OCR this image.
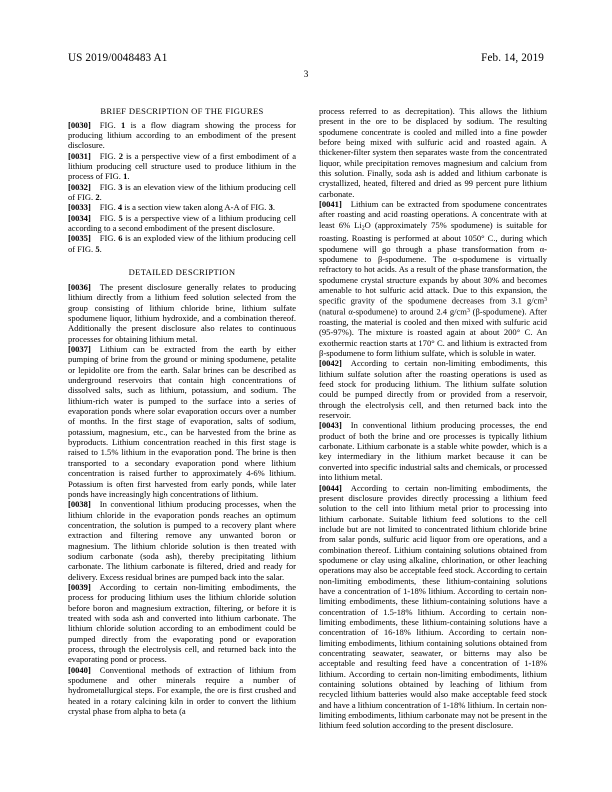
US 2019/0048483 A1	Feb. 14, 2019
3
BRIEF DESCRIPTION OF THE FIGURES

[0030] FIG. 1 is a flow diagram showing the process for producing lithium according to an embodiment of the present disclosure.

[0031] FIG. 2 is a perspective view of a first embodiment of a lithium producing cell structure used to produce lithium in the process of FIG. 1.

[0032] FIG. 3 is an elevation view of the lithium producing cell of FIG. 2.

[0033] FIG. 4 is a section view taken along A-A of FIG. 3.

[0034] FIG. 5 is a perspective view of a lithium producing cell according to a second embodiment of the present disclosure.

[0035] FIG. 6 is an exploded view of the lithium producing cell of FIG. 5.

DETAILED DESCRIPTION

[0036] The present disclosure generally relates to producing lithium directly from a lithium feed solution selected from the group consisting of lithium chloride brine, lithium sulfate spodumene liquor, lithium hydroxide, and a combination thereof. Additionally the present disclosure also relates to continuous processes for obtaining lithium metal.

[0037] Lithium can be extracted from the earth by either pumping of brine from the ground or mining spodumene, petalite or lepidolite ore from the earth. Salar brines can be described as underground reservoirs that contain high concentrations of dissolved salts, such as lithium, potassium, and sodium. The lithium-rich water is pumped to the surface into a series of evaporation ponds where solar evaporation occurs over a number of months. In the first stage of evaporation, salts of sodium, potassium, magnesium, etc., can be harvested from the brine as byproducts. Lithium concentration reached in this first stage is raised to 1.5% lithium in the evaporation pond. The brine is then transported to a secondary evaporation pond where lithium concentration is raised further to approximately 4-6% lithium. Potassium is often first harvested from early ponds, while later ponds have increasingly high concentrations of lithium.

[0038] In conventional lithium producing processes, when the lithium chloride in the evaporation ponds reaches an optimum concentration, the solution is pumped to a recovery plant where extraction and filtering remove any unwanted boron or magnesium. The lithium chloride solution is then treated with sodium carbonate (soda ash), thereby precipitating lithium carbonate. The lithium carbonate is filtered, dried and ready for delivery. Excess residual brines are pumped back into the salar.

[0039] According to certain non-limiting embodiments, the process for producing lithium uses the lithium chloride solution before boron and magnesium extraction, filtering, or before it is treated with soda ash and converted into lithium carbonate. The lithium chloride solution according to an embodiment could be pumped directly from the evaporating pond or evaporation process, through the electrolysis cell, and returned back into the evaporating pond or process.

[0040] Conventional methods of extraction of lithium from spodumene and other minerals require a number of hydrometallurgical steps. For example, the ore is first crushed and heated in a rotary calcining kiln in order to convert the lithium crystal phase from alpha to beta (a

process referred to as decrepitation). This allows the lithium present in the ore to be displaced by sodium. The resulting spodumene concentrate is cooled and milled into a fine powder before being mixed with sulfuric acid and roasted again. A thickener-filter system then separates waste from the concentrated liquor, while precipitation removes magnesium and calcium from this solution. Finally, soda ash is added and lithium carbonate is crystallized, heated, filtered and dried as 99 percent pure lithium carbonate.

[0041] Lithium can be extracted from spodumene concentrates after roasting and acid roasting operations. A concentrate with at least 6% $Li_2O$ (approximately 75% spodumene) is suitable for roasting. Roasting is performed at about 1050° C., during which spodumene will go through a phase transformation from α-spodumene to β-spodumene. The α-spodumene is virtually refractory to hot acids. As a result of the phase transformation, the spodumene crystal structure expands by about 30% and becomes amenable to hot sulfuric acid attack. Due to this expansion, the specific gravity of the spodumene decreases from 3.1 $g/cm^3$ (natural α-spodumene) to around 2.4 $g/cm^3$ (β-spodumene). After roasting, the material is cooled and then mixed with sulfuric acid (95-97%). The mixture is roasted again at about 200° C. An exothermic reaction starts at 170° C. and lithium is extracted from β-spodumene to form lithium sulfate, which is soluble in water.

[0042] According to certain non-limiting embodiments, this lithium sulfate solution after the roasting operations is used as feed stock for producing lithium. The lithium sulfate solution could be pumped directly from or provided from a reservoir, through the electrolysis cell, and then returned back into the reservoir.

[0043] In conventional lithium producing processes, the end product of both the brine and ore processes is typically lithium carbonate. Lithium carbonate is a stable white powder, which is a key intermediary in the lithium market because it can be converted into specific industrial salts and chemicals, or processed into lithium metal.

[0044] According to certain non-limiting embodiments, the present disclosure provides directly processing a lithium feed solution to the cell into lithium metal prior to processing into lithium carbonate. Suitable lithium feed solutions to the cell include but are not limited to concentrated lithium chloride brine from salar ponds, sulfuric acid liquor from ore operations, and a combination thereof. Lithium containing solutions obtained from spodumene or clay using alkaline, chlorination, or other leaching operations may also be acceptable feed stock. According to certain non-limiting embodiments, these lithium-containing solutions have a concentration of 1-18% lithium. According to certain non-limiting embodiments, these lithium-containing solutions have a concentration of 1.5-18% lithium. According to certain non-limiting embodiments, these lithium-containing solutions have a concentration of 16-18% lithium. According to certain non-limiting embodiments, lithium containing solutions obtained from concentrating seawater, seawater, or bitterns may also be acceptable and resulting feed have a concentration of 1-18% lithium. According to certain non-limiting embodiments, lithium containing solutions obtained by leaching of lithium from recycled lithium batteries would also make acceptable feed stock and have a lithium concentration of 1-18% lithium. In certain non-limiting embodiments, lithium carbonate may not be present in the lithium feed solution according to the present disclosure.
